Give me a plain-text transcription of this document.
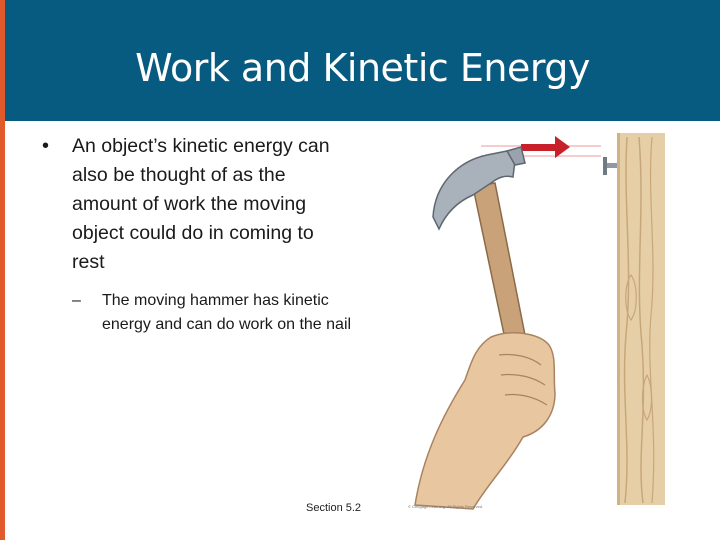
Work and Kinetic Energy
•	An object’s kinetic energy can also be thought of as the amount of work the moving object could do in coming to rest
–	The moving hammer has kinetic energy and can do work on the nail
Section 5.2	© Cengage Learning. All Rights Reserved.
